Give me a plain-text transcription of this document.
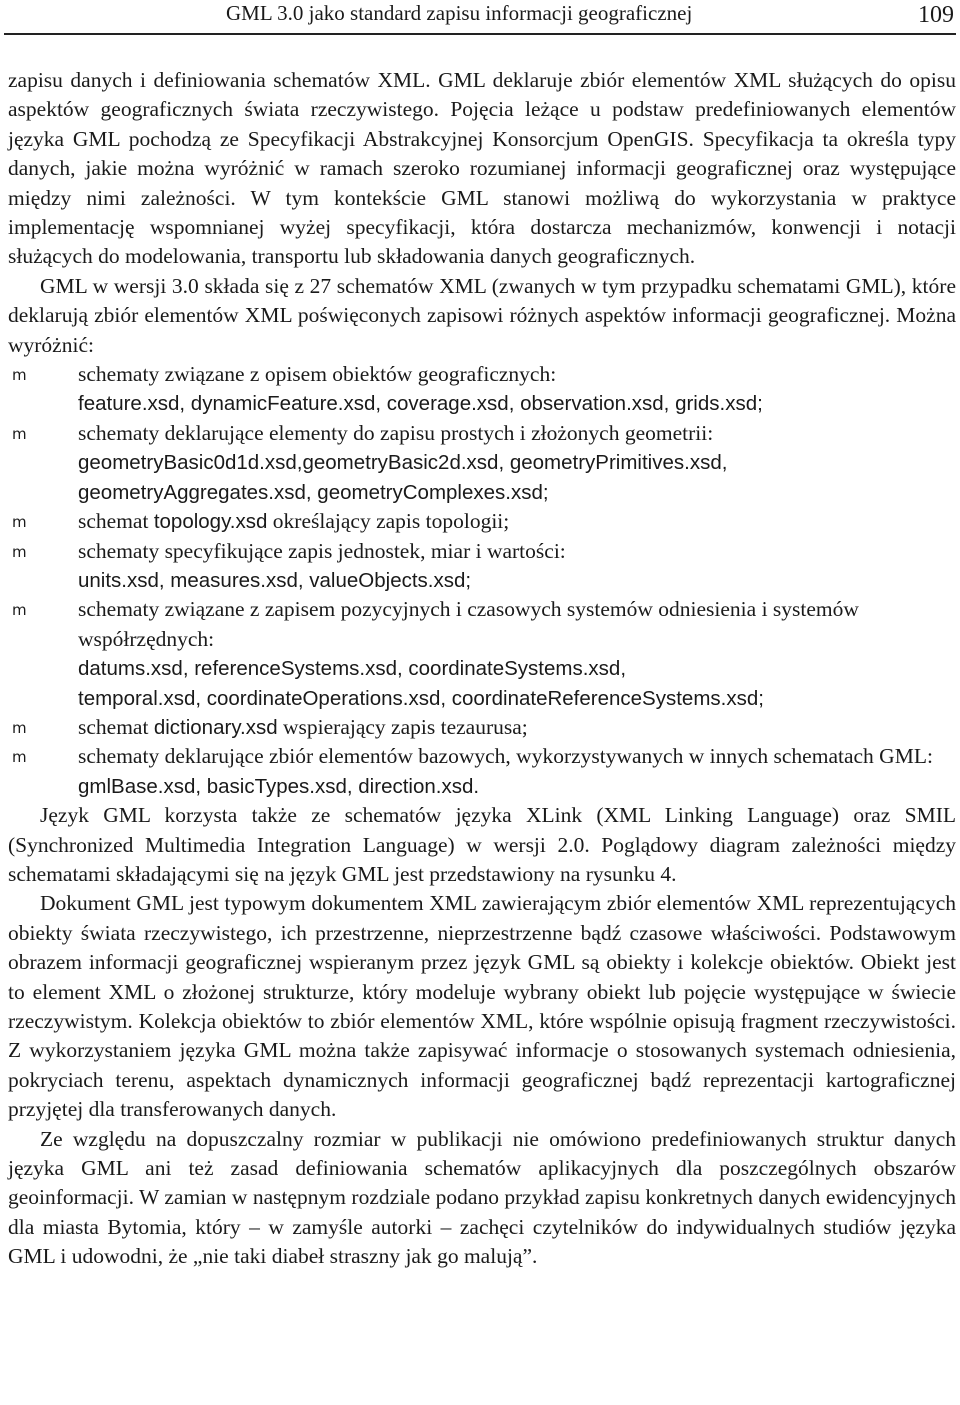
GML 3.0 jako standard zapisu informacji geograficznej	109

zapisu danych i definiowania schematów XML. GML deklaruje zbiór elementów XML służących do opisu aspektów geograficznych świata rzeczywistego. Pojęcia leżące u podstaw predefiniowanych elementów języka GML pochodzą ze Specyfikacji Abstrakcyjnej Konsorcjum OpenGIS. Specyfikacja ta określa typy danych, jakie można wyróżnić w ramach szeroko rozumianej informacji geograficznej oraz występujące między nimi zależności. W tym kontekście GML stanowi możliwą do wykorzystania w praktyce implementację wspomnianej wyżej specyfikacji, która dostarcza mechanizmów, konwencji i notacji służących do modelowania, transportu lub składowania danych geograficznych.

GML w wersji 3.0 składa się z 27 schematów XML (zwanych w tym przypadku schematami GML), które deklarują zbiór elementów XML poświęconych zapisowi różnych aspektów informacji geograficznej. Można wyróżnić:

m schematy związane z opisem obiektów geograficznych:
feature.xsd, dynamicFeature.xsd, coverage.xsd, observation.xsd, grids.xsd;
m schematy deklarujące elementy do zapisu prostych i złożonych geometrii:
geometryBasic0d1d.xsd,geometryBasic2d.xsd, geometryPrimitives.xsd,
geometryAggregates.xsd, geometryComplexes.xsd;
m schemat topology.xsd określający zapis topologii;
m schematy specyfikujące zapis jednostek, miar i wartości:
units.xsd, measures.xsd, valueObjects.xsd;
m schematy związane z zapisem pozycyjnych i czasowych systemów odniesienia i systemów współrzędnych:
datums.xsd, referenceSystems.xsd, coordinateSystems.xsd,
temporal.xsd, coordinateOperations.xsd, coordinateReferenceSystems.xsd;
m schemat dictionary.xsd wspierający zapis tezaurusa;
m schematy deklarujące zbiór elementów bazowych, wykorzystywanych w innych schematach GML:
gmlBase.xsd, basicTypes.xsd, direction.xsd.

Język GML korzysta także ze schematów języka XLink (XML Linking Language) oraz SMIL (Synchronized Multimedia Integration Language) w wersji 2.0. Poglądowy diagram zależności między schematami składającymi się na język GML jest przedstawiony na rysunku 4.

Dokument GML jest typowym dokumentem XML zawierającym zbiór elementów XML reprezentujących obiekty świata rzeczywistego, ich przestrzenne, nieprzestrzenne bądź czasowe właściwości. Podstawowym obrazem informacji geograficznej wspieranym przez język GML są obiekty i kolekcje obiektów. Obiekt jest to element XML o złożonej strukturze, który modeluje wybrany obiekt lub pojęcie występujące w świecie rzeczywistym. Kolekcja obiektów to zbiór elementów XML, które wspólnie opisują fragment rzeczywistości. Z wykorzystaniem języka GML można także zapisywać informacje o stosowanych systemach odniesienia, pokryciach terenu, aspektach dynamicznych informacji geograficznej bądź reprezentacji kartograficznej przyjętej dla transferowanych danych.

Ze względu na dopuszczalny rozmiar w publikacji nie omówiono predefiniowanych struktur danych języka GML ani też zasad definiowania schematów aplikacyjnych dla poszczególnych obszarów geoinformacji. W zamian w następnym rozdziale podano przykład zapisu konkretnych danych ewidencyjnych dla miasta Bytomia, który – w zamyśle autorki – zachęci czytelników do indywidualnych studiów języka GML i udowodni, że „nie taki diabeł straszny jak go malują”.
